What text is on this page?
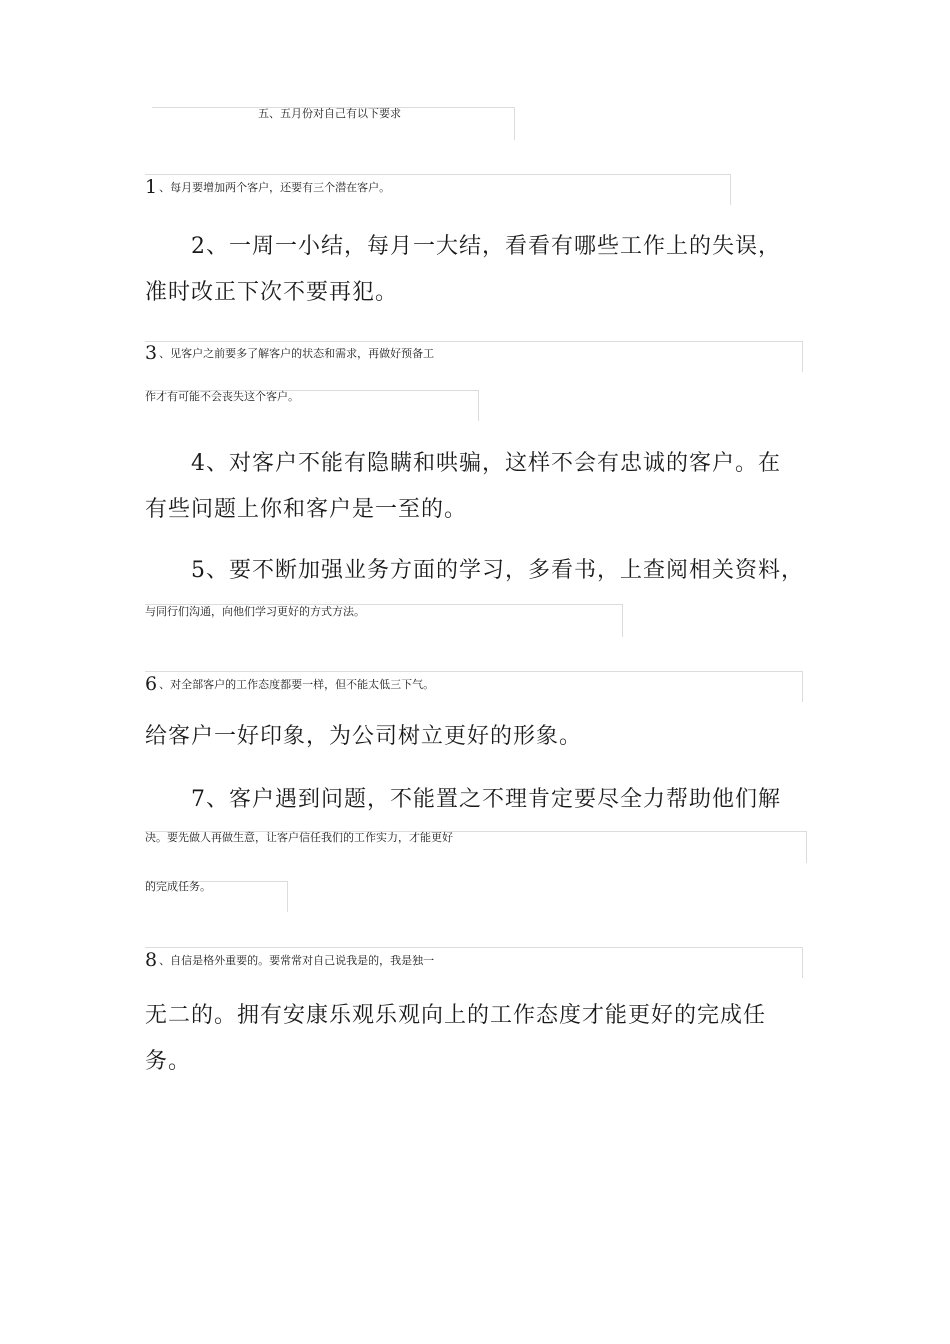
五、五月份对自己有以下要求
1 、每月要增加两个客户，还要有三个潜在客户。

2、一周一小结，每月一大结，看看有哪些工作上的失误，

准时改正下次不要再犯。

3 、见客户之前要多了解客户的状态和需求，再做好预备工
作才有可能不会丧失这个客户。

4、对客户不能有隐瞒和哄骗，这样不会有忠诚的客户。在

有些问题上你和客户是一至的。

5、要不断加强业务方面的学习，多看书，上查阅相关资料，

与同行们沟通，向他们学习更好的方式方法。
6 、对全部客户的工作态度都要一样，但不能太低三下气。

给客户一好印象，为公司树立更好的形象。

7、客户遇到问题，不能置之不理肯定要尽全力帮助他们解

决。要先做人再做生意，让客户信任我们的工作实力，才能更好
的完成任务。
8 、自信是格外重要的。要常常对自己说我是的，我是独一

无二的。拥有安康乐观乐观向上的工作态度才能更好的完成任

务。
